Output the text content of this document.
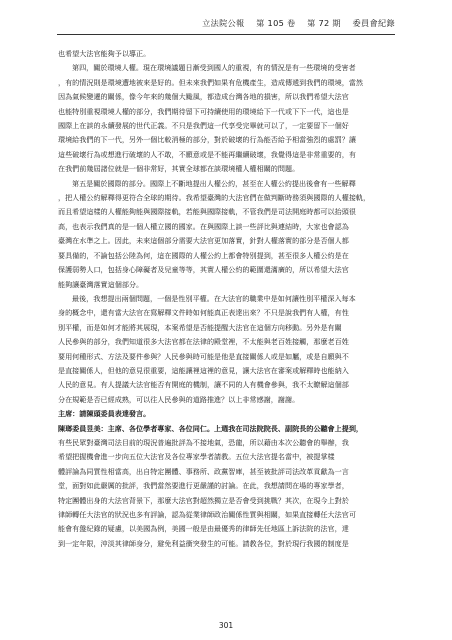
立法院公報 第 105 卷 第 72 期 委員會紀錄
也希望大法官能夠予以導正。
第四，關於環境人權。現在環境議題日漸受到國人的重視，有的情況是有一些環境的受害者
，有的情況則是環境遭地被來是好的。但未來我們如果有危機產生，造成傳遞到我們的環境，當然
因為氣候變遷的關係，像今年來的幾個大颱風，都造成台灣各地的損害，所以我們希望大法官
也能特別重視環境人權的部分，我們期待留下可持續使用的環境給下一代或下下一代，這也是
國際上在談的永續發展的世代正義。不只是我們這一代享受完畢就可以了，一定要留下一個好
環境給我們的下一代，另外一個比較消極的部分，對於破壞的行為能否給予相當強烈的處罰？讓
這些破壞行為或想進行破壞的人不敢，不願意或是不能再繼續破壞，我覺得這是非常重要的，有
在我們前幾屆諸位就是一個非常好，其實全球都在談環境權人權相關的問題。
第五是關於國際的部分。國際上不斷地提出人權公約，甚至在人權公約提出後會有一些解釋
，把人權公約解釋得更符合全球的期待。我希望臺灣的大法官們在做判斷時務須與國際的人權接軌，
而且希望這樣的人權能夠能與國際接軌，若能與國際接軌，不管我們是司法開庭時都可以抬頭很
高，也表示我們真的是一個人權立國的國家。在與國際上談一些評比與連結時，大家也會認為
臺灣在水準之上。因此，未來這個部分需要大法官更加落實，針對人權落實的部分是否個人都
要具備的，不論包括公陸為何，這在國際的人權公約上都會特別提到，甚至很多人權公約是在
保護弱勢人口，包括身心障礙者及兒童等等，其實人權公約的範圍還滿廣的，所以希望大法官
能夠讓臺灣落實這個部分。
最後，我想提出兩個問題，一個是性別平權。在大法官的職業中是如何讓性別平權深入每本
身的概念中，還有當大法官在寫解釋文件時如何能真正表達出來？不只是說我們有人權，有性
別平權，而是如何才能將其展現，本案希望是否能提醒大法官在這個方向移動。另外是有關
人民參與的部分，我們知道很多大法官都在法律的殿堂裡，不太能與老百姓接觸，那麼老百姓
要用何種形式、方法及要件參與？人民參與時可能是他是直接關係人或是如屬，或是自願與不
是直接關係人，但他的意見很重要，這能讓裡這裡的意見，讓大法官在審案或解釋時也能納入
人民的意見。有人提議大法官能否有開庭的機制，讓不同的人有機會參與，我不太瞭解這個部
分在規範是否已經成熟，可以往人民參與的道路推進？以上非常感謝，謝謝。
主席：請陳頭委員表達發言。
陳瑯委員昱美：主席、各位學者專家、各位同仁。上週我在司法院院長、副院長的公聽會上提到，
有些民眾對臺灣司法目前的現況普遍批評為不接地氣，恐龍，所以藉由本次公聽會的舉辦，我
希望把握機會進一步向五位大法官及各位專家學者請教。五位大法官提名當中，被提掌樣
體評論為同質性相當高，出自特定團體、事務所、政黨智庫，甚至被批評司法改革貢獻為一言
堂，面對如此嚴厲的批評，我們當然要進行更嚴謹的討論。在此，我想請問在場的專家學者，
特定團體出身的大法官背景下，那麼大法官對超然獨立是否會受到挑戰？其次，在現今上對於
律師轉任大法官的狀況也多有評論，認為從業律師政治關係性質與相關，如果直接轉任大法官可
能會有盤紀錄的疑慮，以美國為例，美國一般是由最優秀的律師先任地區上訴法院的法官，達
到一定年限，沖淡其律師身分，避免利益衝突發生的可能。請教各位，對於現行我國的制度是
301
